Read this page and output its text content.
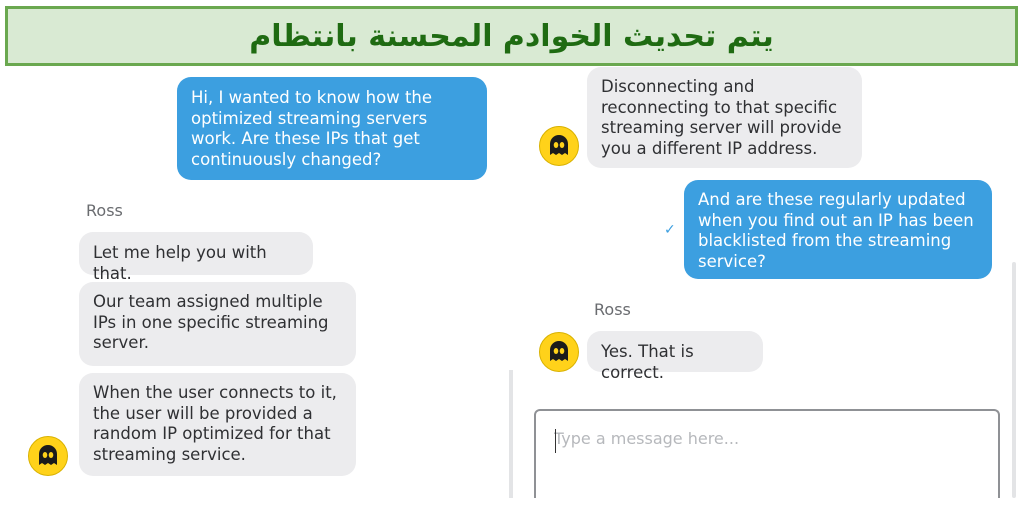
يتم تحديث الخوادم المحسنة بانتظام
Hi, I wanted to know how the optimized streaming servers work. Are these IPs that get continuously changed?
Ross
Let me help you with that.
Our team assigned multiple IPs in one specific streaming server.
When the user connects to it, the user will be provided a random IP optimized for that streaming service.
Disconnecting and reconnecting to that specific streaming server will provide you a different IP address.
And are these regularly updated when you find out an IP has been blacklisted from the streaming service?
✓
Ross
Yes. That is correct.
Type a message here...
